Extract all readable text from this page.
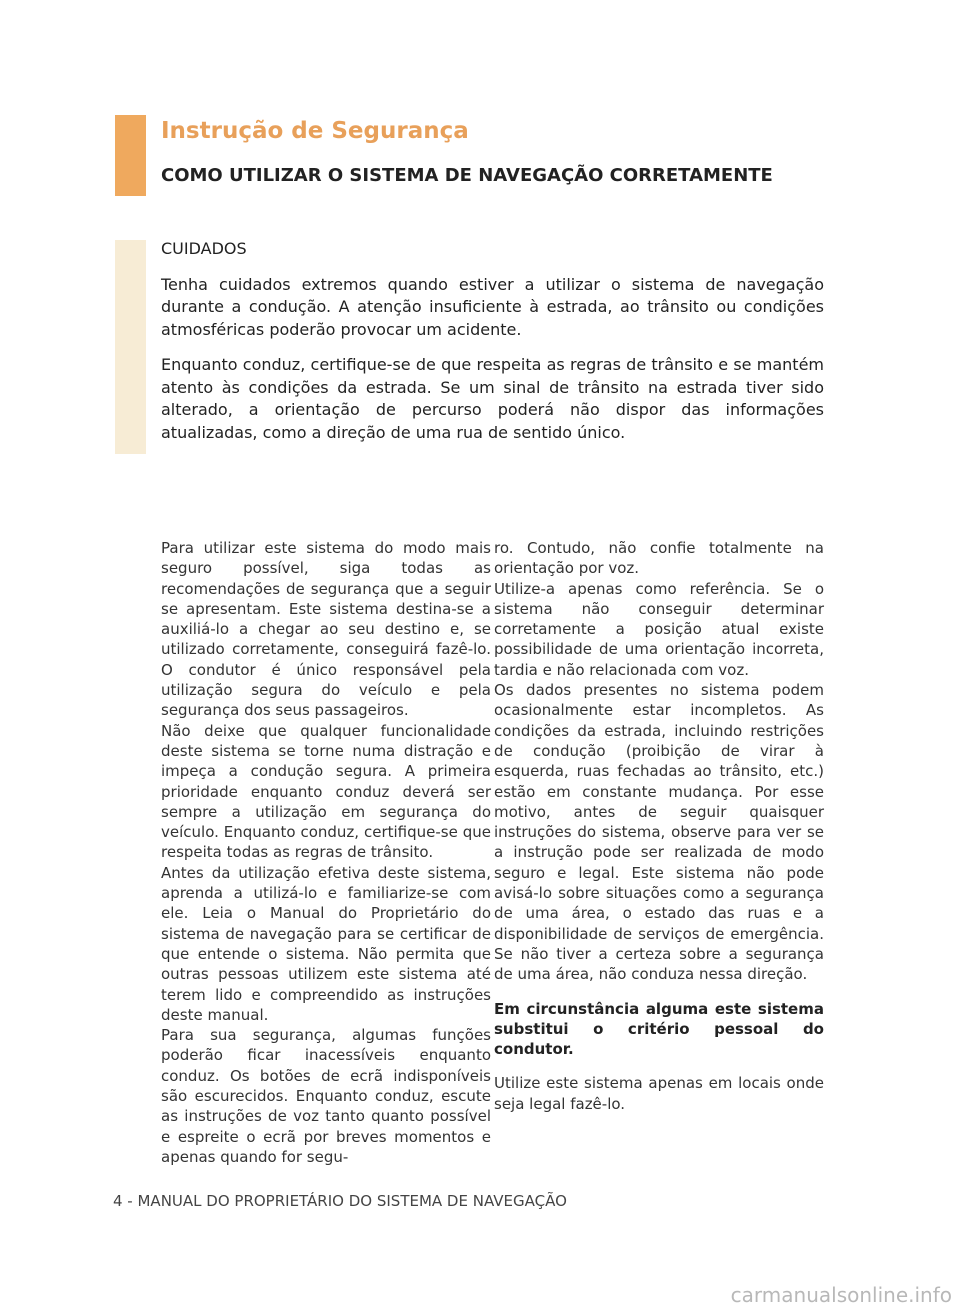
Instrução de Segurança
COMO UTILIZAR O SISTEMA DE NAVEGAÇÃO CORRETAMENTE

CUIDADOS

Tenha cuidados extremos quando estiver a utilizar o sistema de navegação durante a condução. A atenção insuficiente à estrada, ao trânsito ou condições atmosféricas poderão provocar um acidente.

Enquanto conduz, certifique-se de que respeita as regras de trânsito e se mantém atento às condições da estrada. Se um sinal de trânsito na estrada tiver sido alterado, a orientação de percurso poderá não dispor das informações atualizadas, como a direção de uma rua de sentido único.

Para utilizar este sistema do modo mais seguro possível, siga todas as recomendações de segurança que a seguir se apresentam. Este sistema destina-se a auxiliá-lo a chegar ao seu destino e, se utilizado corretamente, conseguirá fazê-lo. O condutor é único responsável pela utilização segura do veículo e pela segurança dos seus passageiros.

Não deixe que qualquer funcionalidade deste sistema se torne numa distração e impeça a condução segura. A primeira prioridade enquanto conduz deverá ser sempre a utilização em segurança do veículo. Enquanto conduz, certifique-se que respeita todas as regras de trânsito.

Antes da utilização efetiva deste sistema, aprenda a utilizá-lo e familiarize-se com ele. Leia o Manual do Proprietário do sistema de navegação para se certificar de que entende o sistema. Não permita que outras pessoas utilizem este sistema até terem lido e compreendido as instruções deste manual.

Para sua segurança, algumas funções poderão ficar inacessíveis enquanto conduz. Os botões de ecrã indisponíveis são escurecidos. Enquanto conduz, escute as instruções de voz tanto quanto possível e espreite o ecrã por breves momentos e apenas quando for segu-

ro. Contudo, não confie totalmente na orientação por voz.

Utilize-a apenas como referência. Se o sistema não conseguir determinar corretamente a posição atual existe possibilidade de uma orientação incorreta, tardia e não relacionada com voz.

Os dados presentes no sistema podem ocasionalmente estar incompletos. As condições da estrada, incluindo restrições de condução (proibição de virar à esquerda, ruas fechadas ao trânsito, etc.) estão em constante mudança. Por esse motivo, antes de seguir quaisquer instruções do sistema, observe para ver se a instrução pode ser realizada de modo seguro e legal. Este sistema não pode avisá-lo sobre situações como a segurança de uma área, o estado das ruas e a disponibilidade de serviços de emergência. Se não tiver a certeza sobre a segurança de uma área, não conduza nessa direção.

Em circunstância alguma este sistema substitui o critério pessoal do condutor.

Utilize este sistema apenas em locais onde seja legal fazê-lo.

4 - MANUAL DO PROPRIETÁRIO DO SISTEMA DE NAVEGAÇÃO
carmanualsonline.info
